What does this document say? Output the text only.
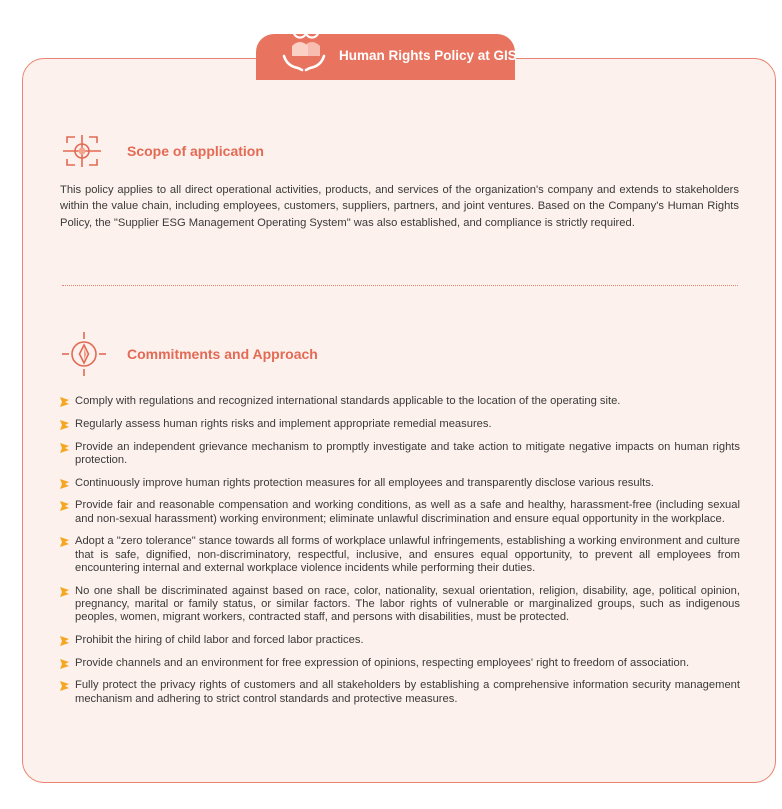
Human Rights Policy at GIS
Scope of application
This policy applies to all direct operational activities, products, and services of the organization's company and extends to stakeholders within the value chain, including employees, customers, suppliers, partners, and joint ventures. Based on the Company's Human Rights Policy, the "Supplier ESG Management Operating System" was also established, and compliance is strictly required.
Commitments and Approach
Comply with regulations and recognized international standards applicable to the location of the operating site.
Regularly assess human rights risks and implement appropriate remedial measures.
Provide an independent grievance mechanism to promptly investigate and take action to mitigate negative impacts on human rights protection.
Continuously improve human rights protection measures for all employees and transparently disclose various results.
Provide fair and reasonable compensation and working conditions, as well as a safe and healthy, harassment-free (including sexual and non-sexual harassment) working environment; eliminate unlawful discrimination and ensure equal opportunity in the workplace.
Adopt a "zero tolerance" stance towards all forms of workplace unlawful infringements, establishing a working environment and culture that is safe, dignified, non-discriminatory, respectful, inclusive, and ensures equal opportunity, to prevent all employees from encountering internal and external workplace violence incidents while performing their duties.
No one shall be discriminated against based on race, color, nationality, sexual orientation, religion, disability, age, political opinion, pregnancy, marital or family status, or similar factors. The labor rights of vulnerable or marginalized groups, such as indigenous peoples, women, migrant workers, contracted staff, and persons with disabilities, must be protected.
Prohibit the hiring of child labor and forced labor practices.
Provide channels and an environment for free expression of opinions, respecting employees' right to freedom of association.
Fully protect the privacy rights of customers and all stakeholders by establishing a comprehensive information security management mechanism and adhering to strict control standards and protective measures.
